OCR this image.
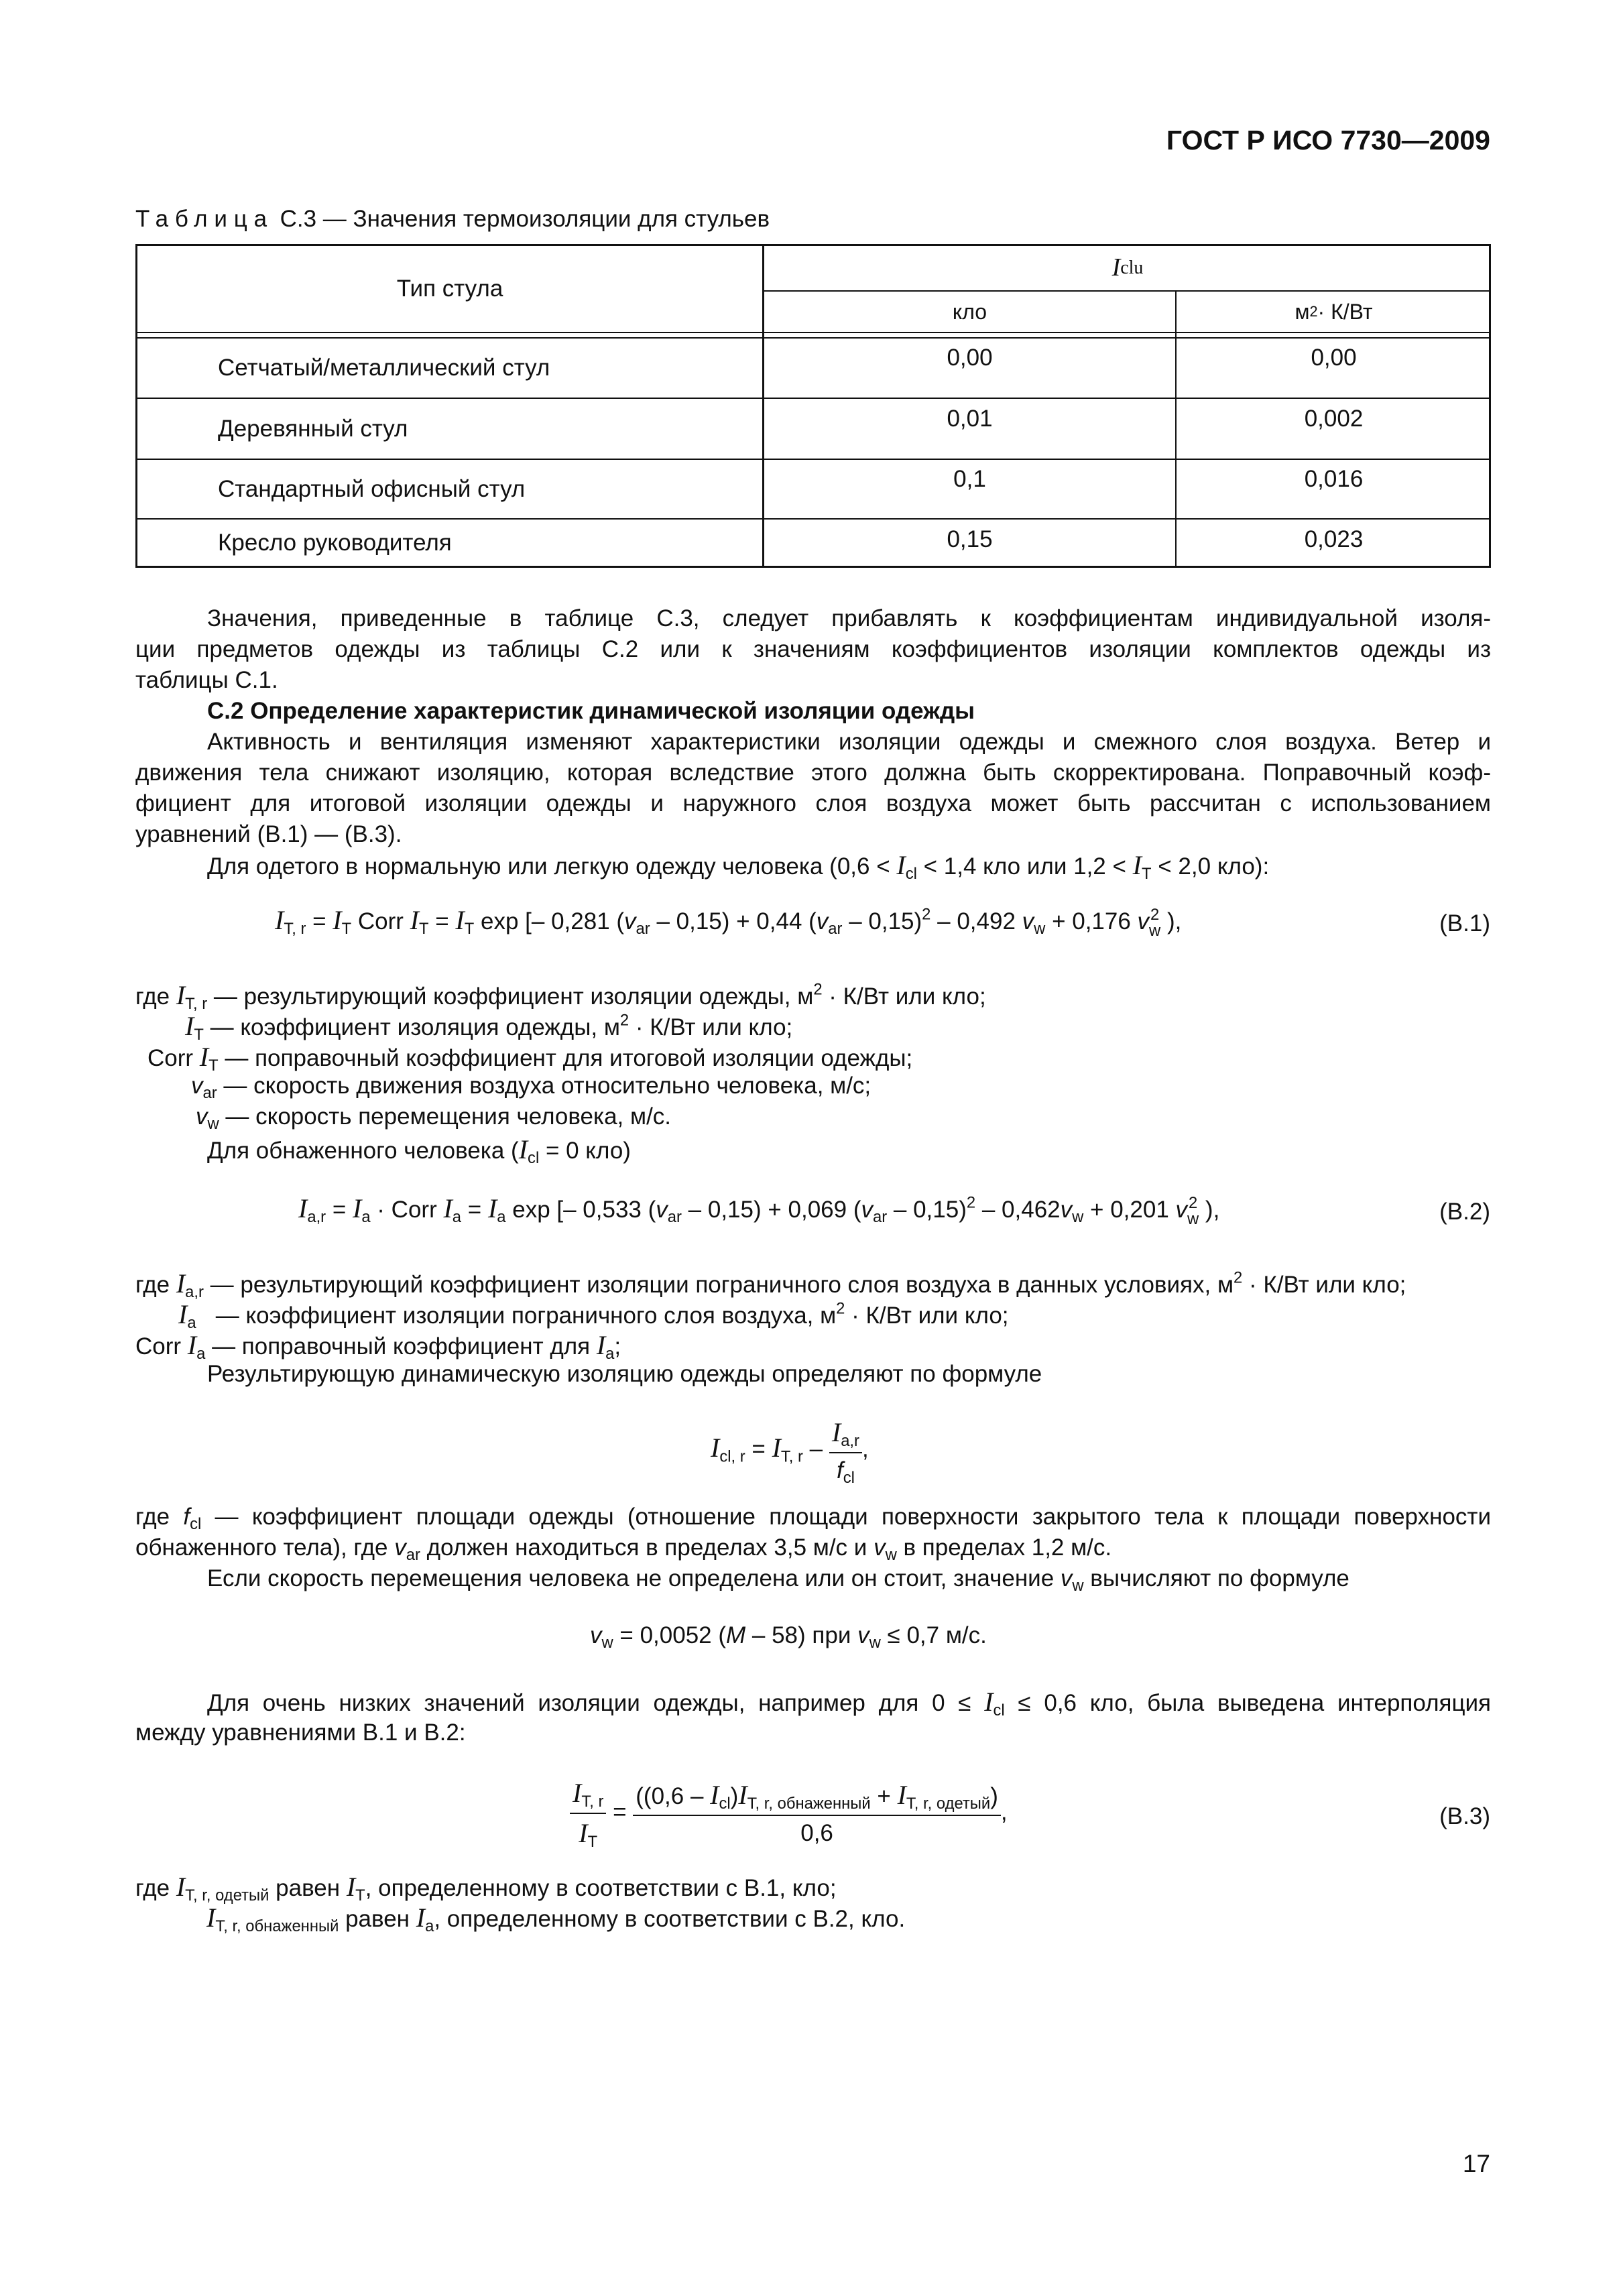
ГОСТ Р ИСО 7730—2009
Таблица С.3 — Значения термоизоляции для стульев
Тип стула
I clu
кло	м 2 · К/Вт
Сетчатый/металлический стул	0,00	0,00
Деревянный стул	0,01	0,002
Стандартный офисный стул	0,1	0,016
Кресло руководителя	0,15	0,023
Значения, приведенные в таблице С.3, следует прибавлять к коэффициентам индивидуальной изоля-
ции предметов одежды из таблицы С.2 или к значениям коэффициентов изоляции комплектов одежды из
таблицы С.1.
С.2 Определение характеристик динамической изоляции одежды
Активность и вентиляция изменяют характеристики изоляции одежды и смежного слоя воздуха. Ветер и
движения тела снижают изоляцию, которая вследствие этого должна быть скорректирована. Поправочный коэф-
фициент для итоговой изоляции одежды и наружного слоя воздуха может быть рассчитан с использованием
уравнений (В.1) — (В.3).
Для одетого в нормальную или легкую одежду человека ($0,6 < I_{cl} < 1,4$ кло или $1,2 < I_T < 2,0$ кло):
$I_{T, r} = I_T$ Corr $I_T = I_T$ exp [– 0,281 $(v_{ar} - 0,15) + 0,44$ $(v_{ar} - 0,15)^2 - 0,492$ $v_w + 0,176$ v 2
w ),	(В.1)
где $I_{T, r}$ — результирующий коэффициент изоляции одежды, $м^2 \cdot К/Вт$ или кло;
$I_T$ — коэффициент изоляция одежды, $м^2 \cdot К/Вт$ или кло;
Corr $I_T$ — поправочный коэффициент для итоговой изоляции одежды;
$v_{ar}$ — скорость движения воздуха относительно человека, м/с;
$v_w$ — скорость перемещения человека, м/с.
Для обнаженного человека ($I_{cl} = 0$ кло)
$I_{a,r} = I_a$ · Corr $I_a = I_a$ exp [– 0,533 $(v_{ar} - 0,15) + 0,069$ $(v_{ar} - 0,15)^2 - 0,462v_w + 0,201$ v 2
w ),	(В.2)
где $I_{a,r}$ — результирующий коэффициент изоляции пограничного слоя воздуха в данных условиях, $м^2 \cdot К/Вт$ или кло;
$I_a$   — коэффициент изоляции пограничного слоя воздуха, $м^2 \cdot К/Вт$ или кло;
Corr $I_a$ — поправочный коэффициент для $I_a$;
Результирующую динамическую изоляцию одежды определяют по формуле
$I_{cl, r} = I_{T, r} - \frac{I_{a,r}}{f_{cl}}$ ,
где $f_{cl}$ — коэффициент площади одежды (отношение площади поверхности закрытого тела к площади поверхности
обнаженного тела), где $v_{ar}$ должен находиться в пределах 3,5 м/с и $v_w$ в пределах 1,2 м/с.
Если скорость перемещения человека не определена или он стоит, значение $v_w$ вычисляют по формуле
$v_w = 0,0052$ (M – 58) при $v_w \le 0,7$ м/с.
Для очень низких значений изоляции одежды, например для $0 \le I_{cl} \le 0,6$ кло, была выведена интерполяция
между уравнениями В.1 и В.2:
$\frac{I_{T, r}}{I_T} = \frac{((0,6 - I_{cl})I_{T, r, обнаженный} + I_{T, r, одетый})}{0,6}$ ,	(В.3)
где $I_{T, r, одетый}$ равен $I_T$, определенному в соответствии с В.1, кло;
$I_{T, r, обнаженный}$ равен $I_a$, определенному в соответствии с В.2, кло.
17
